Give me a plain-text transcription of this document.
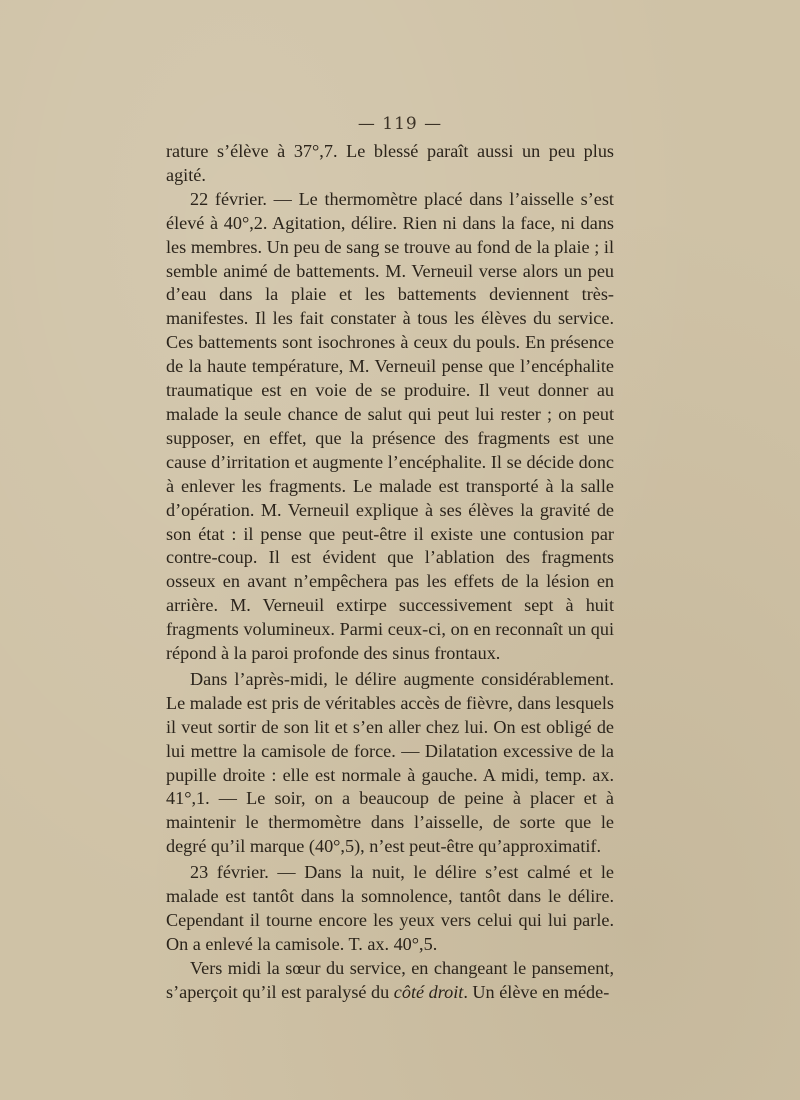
— 119 —

rature s’élève à 37°,7. Le blessé paraît aussi un peu plus agité.

22 février. — Le thermomètre placé dans l’aisselle s’est élevé à 40°,2. Agitation, délire. Rien ni dans la face, ni dans les membres. Un peu de sang se trouve au fond de la plaie ; il semble animé de battements. M. Verneuil verse alors un peu d’eau dans la plaie et les battements deviennent très-manifestes. Il les fait constater à tous les élèves du service. Ces battements sont isochrones à ceux du pouls. En présence de la haute température, M. Verneuil pense que l’encéphalite traumatique est en voie de se produire. Il veut donner au malade la seule chance de salut qui peut lui rester ; on peut supposer, en effet, que la présence des fragments est une cause d’irritation et augmente l’encéphalite. Il se décide donc à enlever les fragments. Le malade est transporté à la salle d’opération. M. Verneuil explique à ses élèves la gravité de son état : il pense que peut-être il existe une contusion par contre-coup. Il est évident que l’ablation des fragments osseux en avant n’empêchera pas les effets de la lésion en arrière. M. Verneuil extirpe successivement sept à huit fragments volumineux. Parmi ceux-ci, on en reconnaît un qui répond à la paroi profonde des sinus frontaux.

Dans l’après-midi, le délire augmente considérablement. Le malade est pris de véritables accès de fièvre, dans lesquels il veut sortir de son lit et s’en aller chez lui. On est obligé de lui mettre la camisole de force. — Dilatation excessive de la pupille droite : elle est normale à gauche. A midi, temp. ax. 41°,1. — Le soir, on a beaucoup de peine à placer et à maintenir le thermomètre dans l’aisselle, de sorte que le degré qu’il marque (40°,5), n’est peut-être qu’approximatif.

23 février. — Dans la nuit, le délire s’est calmé et le malade est tantôt dans la somnolence, tantôt dans le délire. Cependant il tourne encore les yeux vers celui qui lui parle. On a enlevé la camisole. T. ax. 40°,5.

Vers midi la sœur du service, en changeant le pansement, s’aperçoit qu’il est paralysé du côté droit. Un élève en méde-
